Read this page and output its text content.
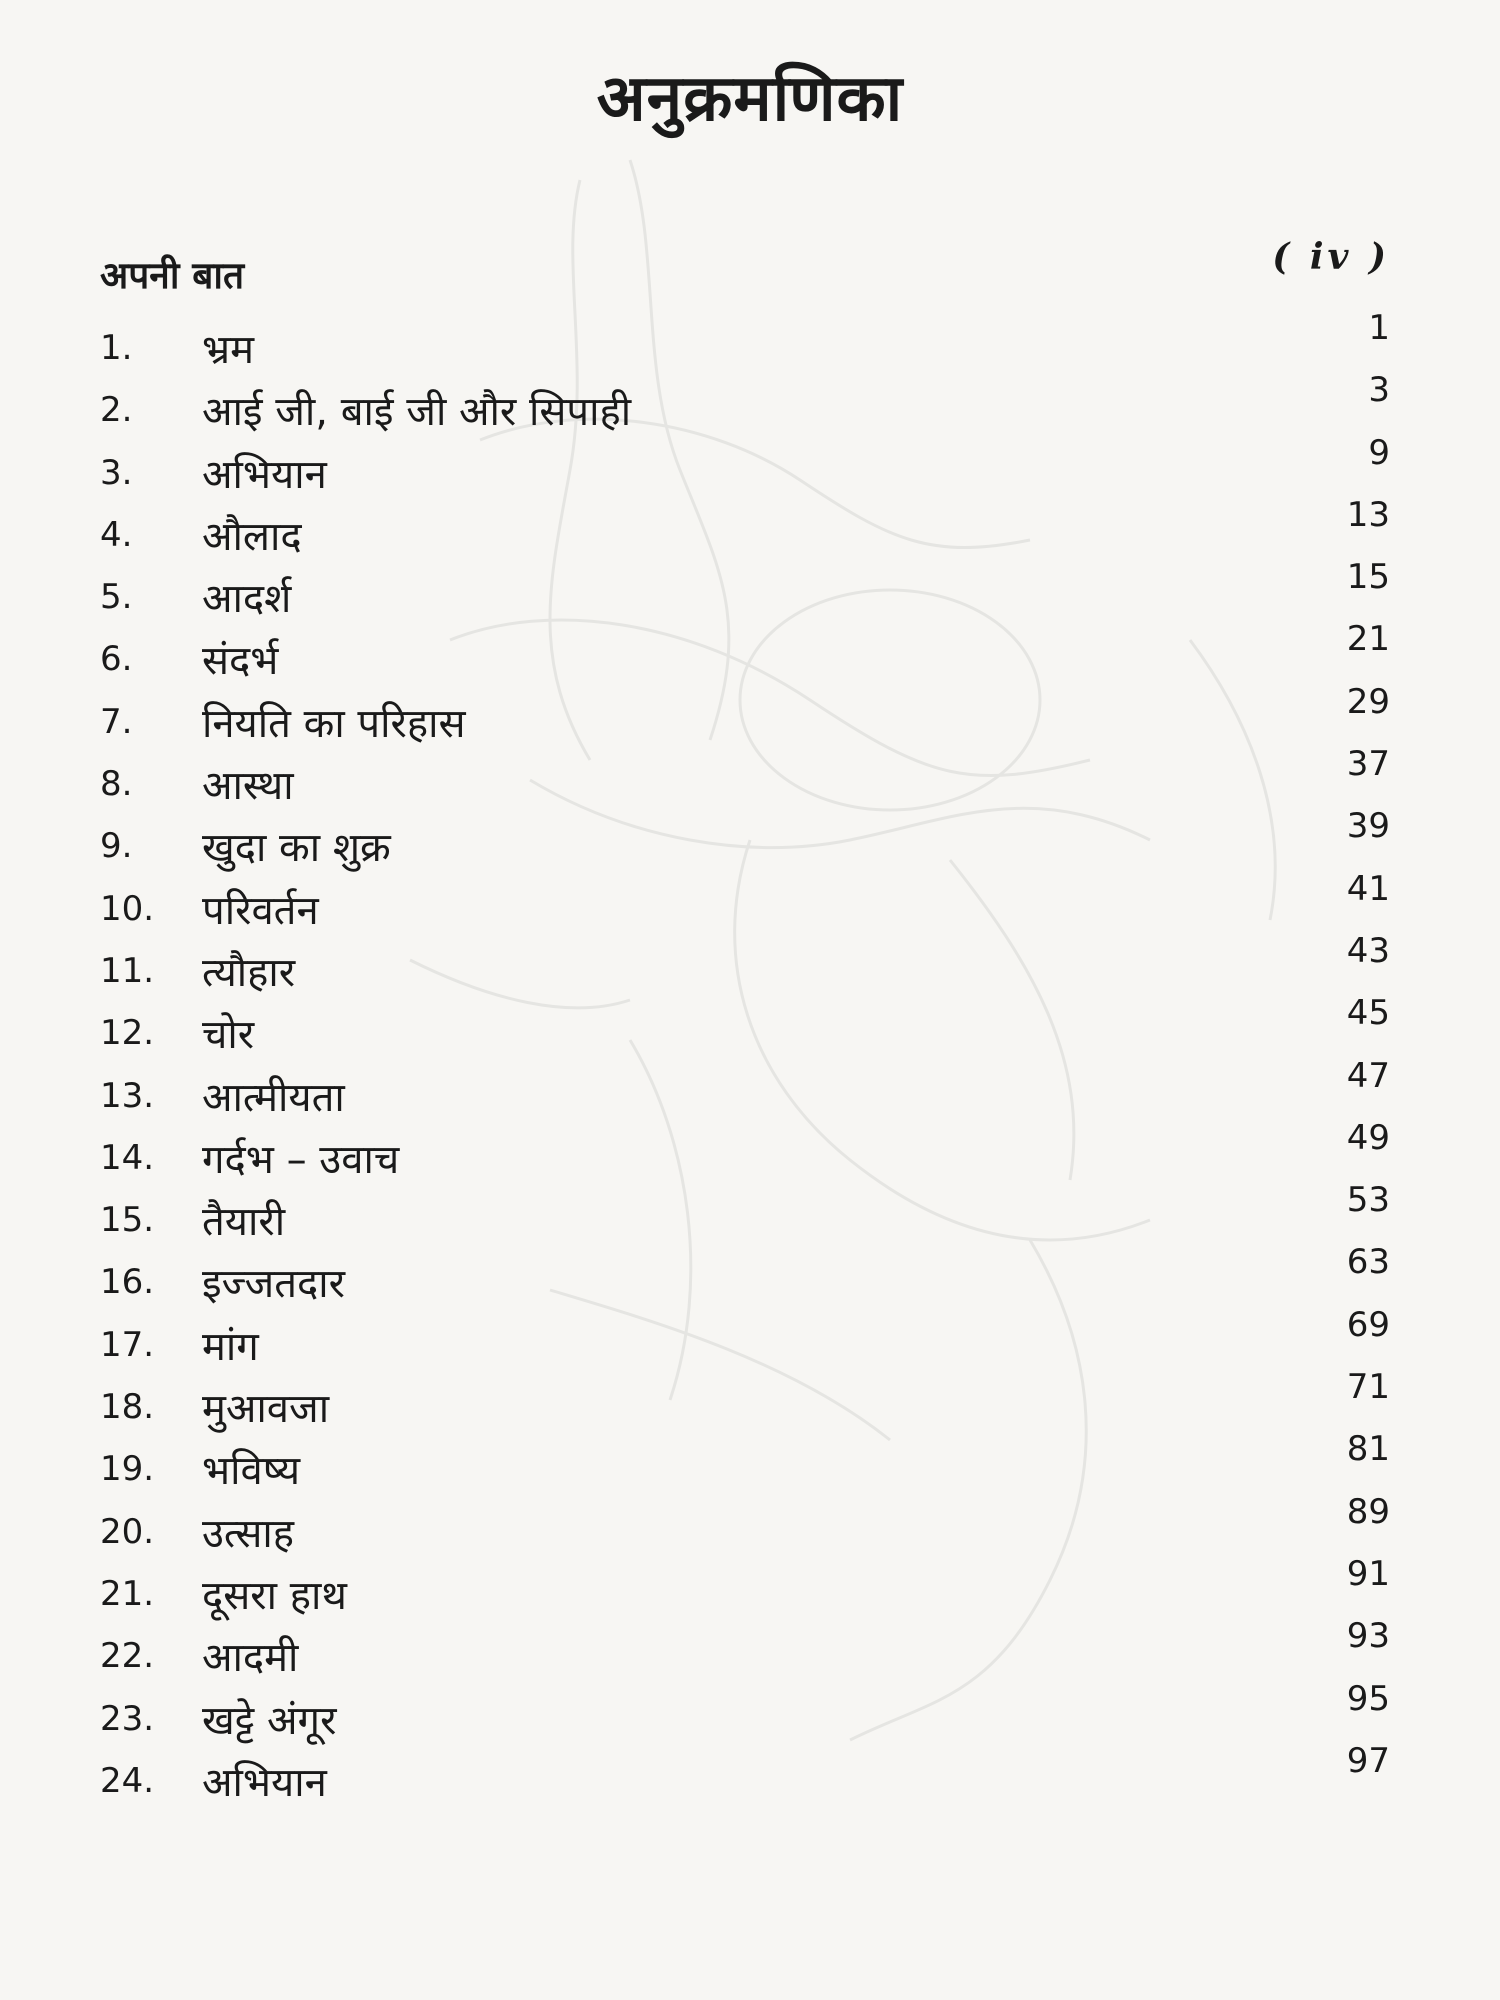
अनुक्रमणिका
अपनी बात	( iv )
1. भ्रम	1
2. आई जी, बाई जी और सिपाही	3
3. अभियान	9
4. औलाद	13
5. आदर्श	15
6. संदर्भ	21
7. नियति का परिहास	29
8. आस्था	37
9. खुदा का शुक्र	39
10. परिवर्तन	41
11. त्यौहार	43
12. चोर	45
13. आत्मीयता	47
14. गर्दभ – उवाच	49
15. तैयारी	53
16. इज्जतदार	63
17. मांग	69
18. मुआवजा	71
19. भविष्य	81
20. उत्साह	89
21. दूसरा हाथ	91
22. आदमी	93
23. खट्टे अंगूर	95
24. अभियान	97
